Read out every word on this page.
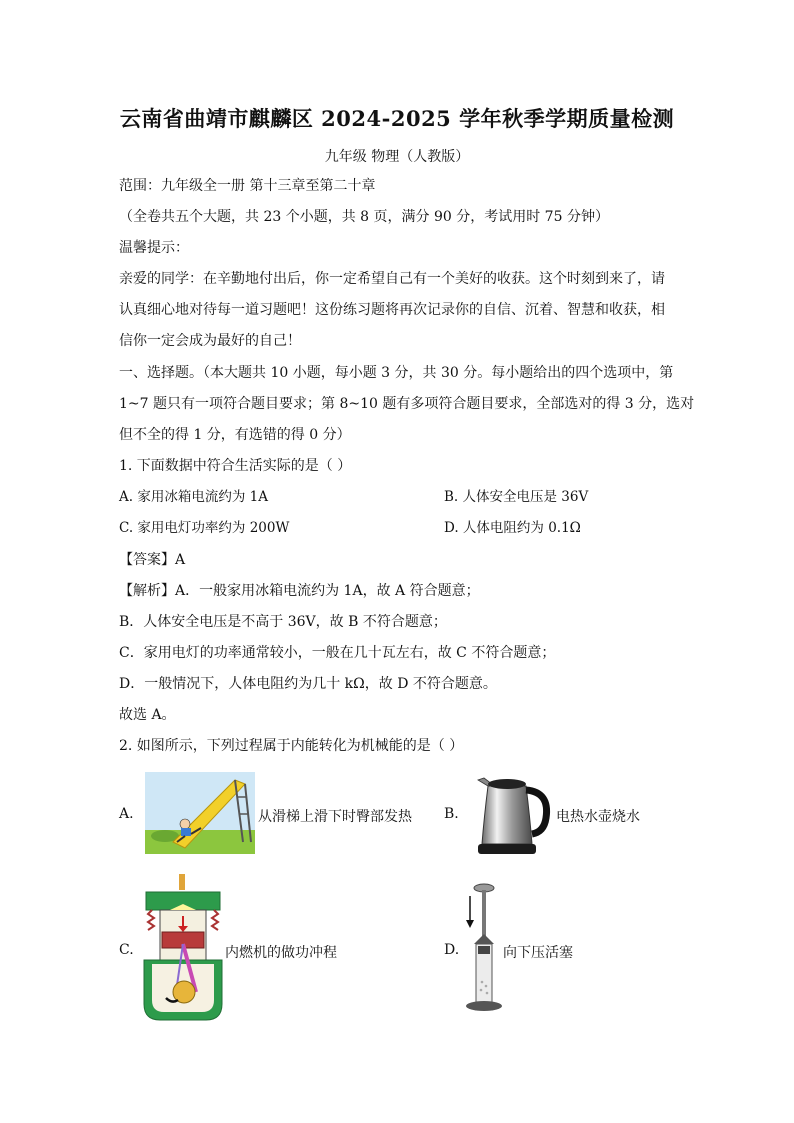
云南省曲靖市麒麟区 2024-2025 学年秋季学期质量检测
九年级 物理（人教版）
范围：九年级全一册 第十三章至第二十章
（全卷共五个大题，共 23 个小题，共 8 页，满分 90 分，考试用时 75 分钟）
温馨提示：
亲爱的同学：在辛勤地付出后，你一定希望自己有一个美好的收获。这个时刻到来了，请
认真细心地对待每一道习题吧！这份练习题将再次记录你的自信、沉着、智慧和收获，相
信你一定会成为最好的自己！
一、选择题。（本大题共 10 小题，每小题 3 分，共 30 分。每小题给出的四个选项中，第
1~7 题只有一项符合题目要求；第 8~10 题有多项符合题目要求，全部选对的得 3 分，选对
但不全的得 1 分，有选错的得 0 分）
1. 下面数据中符合生活实际的是（ ）
A. 家用冰箱电流约为 1A	B. 人体安全电压是 36V
C. 家用电灯功率约为 200W	D. 人体电阻约为 0.1Ω
【答案】A
【解析】A．一般家用冰箱电流约为 1A，故 A 符合题意；
B．人体安全电压是不高于 36V，故 B 不符合题意；
C．家用电灯的功率通常较小，一般在几十瓦左右，故 C 不符合题意；
D．一般情况下，人体电阻约为几十 kΩ，故 D 不符合题意。
故选 A。
2. 如图所示，下列过程属于内能转化为机械能的是（ ）
A.	从滑梯上滑下时臀部发热 B.	电热水壶烧水
C.	内燃机的做功冲程	D.	向下压活塞
